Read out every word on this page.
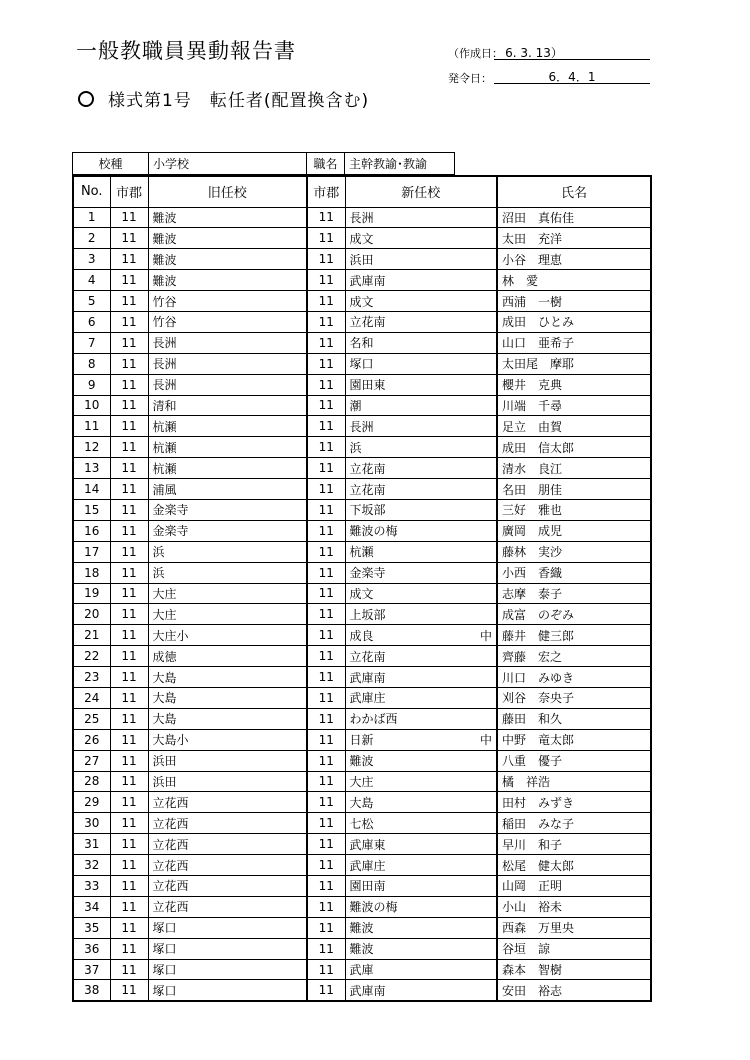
一般教職員異動報告書	（作成日： 6. 3. 13）
発令日：	6．4．1
様式第1号　転任者(配置換含む)
校種	小学校	職名	主幹教諭･教諭
No.	市郡	旧任校	市郡	新任校	氏名
1	11	難波	11	長洲	沼田　真佑佳
2	11	難波	11	成文	太田　充洋
3	11	難波	11	浜田	小谷　理恵
4	11	難波	11	武庫南	林　愛
5	11	竹谷	11	成文	西浦　一樹
6	11	竹谷	11	立花南	成田　ひとみ
7	11	長洲	11	名和	山口　亜希子
8	11	長洲	11	塚口	太田尾　摩耶
9	11	長洲	11	園田東	櫻井　克典
10	11	清和	11	潮	川端　千尋
11	11	杭瀬	11	長洲	足立　由賀
12	11	杭瀬	11	浜	成田　信太郎
13	11	杭瀬	11	立花南	清水　良江
14	11	浦風	11	立花南	名田　朋佳
15	11	金楽寺	11	下坂部	三好　雅也
16	11	金楽寺	11	難波の梅	廣岡　成児
17	11	浜	11	杭瀬	藤林　実沙
18	11	浜	11	金楽寺	小西　香織
19	11	大庄	11	成文	志摩　泰子
20	11	大庄	11	上坂部	成富　のぞみ
21	11	大庄小	11	成良 中	藤井　健三郎
22	11	成徳	11	立花南	齊藤　宏之
23	11	大島	11	武庫南	川口　みゆき
24	11	大島	11	武庫庄	刈谷　奈央子
25	11	大島	11	わかば西	藤田　和久
26	11	大島小	11	日新 中	中野　竜太郎
27	11	浜田	11	難波	八重　優子
28	11	浜田	11	大庄	橘　祥浩
29	11	立花西	11	大島	田村　みずき
30	11	立花西	11	七松	稲田　みな子
31	11	立花西	11	武庫東	早川　和子
32	11	立花西	11	武庫庄	松尾　健太郎
33	11	立花西	11	園田南	山岡　正明
34	11	立花西	11	難波の梅	小山　裕未
35	11	塚口	11	難波	西森　万里央
36	11	塚口	11	難波	谷垣　諒
37	11	塚口	11	武庫	森本　智樹
38	11	塚口	11	武庫南	安田　裕志
